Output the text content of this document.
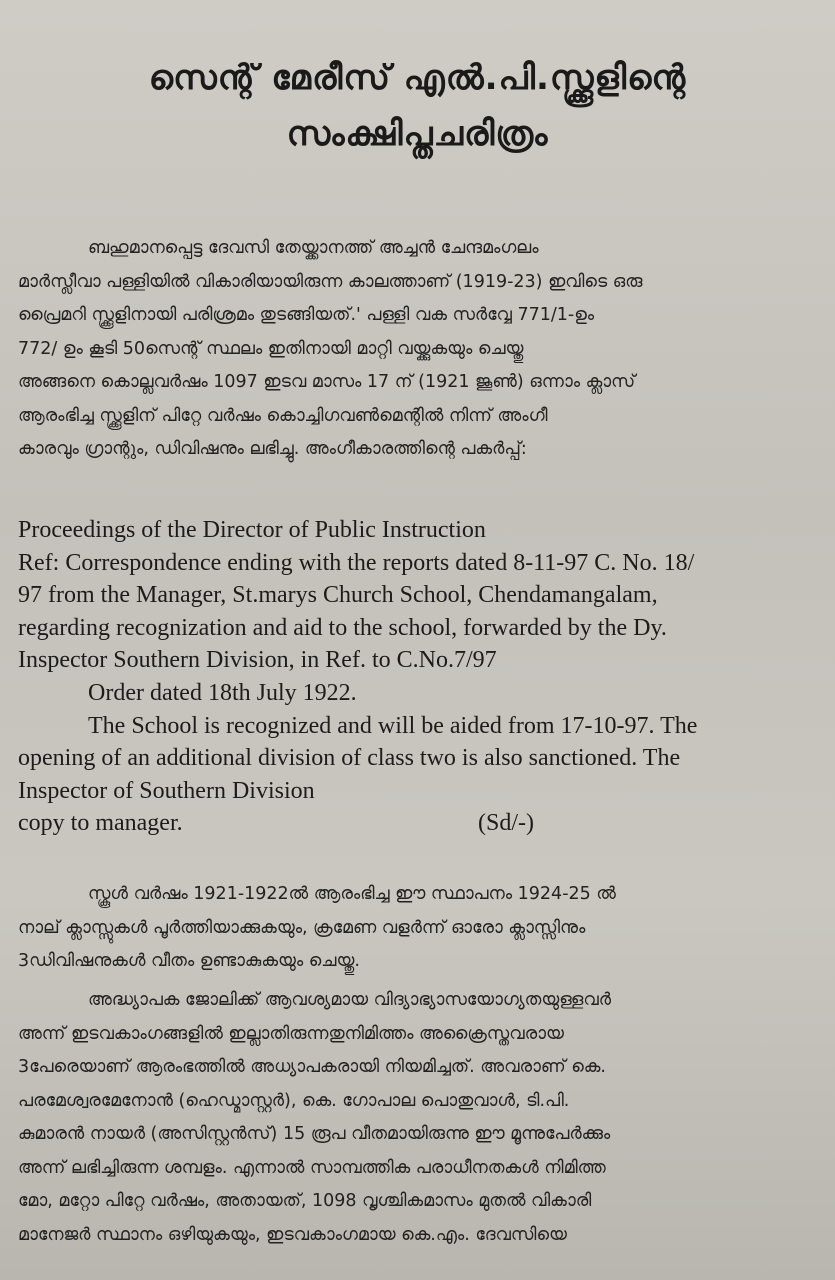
സെന്റ് മേരീസ് എൽ.പി.സ്ക്കൂളിന്റെ
സംക്ഷിപ്തചരിത്രം
ബഹുമാനപ്പെട്ട ദേവസി തേയ്ക്കാനത്ത് അച്ചൻ ചേന്ദമംഗലം
മാർസ്ലീവാ പള്ളിയിൽ വികാരിയായിരുന്ന കാലത്താണ് (1919-23) ഇവിടെ ഒരു
പ്രൈമറി സ്ക്കൂളിനായി പരിശ്രമം തുടങ്ങിയത്.' പള്ളി വക സർവ്വേ 771/1-ഉം
772/ ഉം കൂടി 50സെന്റ് സ്ഥലം ഇതിനായി മാറ്റി വയ്ക്കുകയും ചെയ്തു
അങ്ങനെ കൊല്ലവർഷം 1097 ഇടവ മാസം 17 ന് (1921 ജൂൺ) ഒന്നാം ക്ലാസ്
ആരംഭിച്ച സ്ക്കൂളിന് പിറ്റേ വർഷം കൊച്ചിഗവൺമെന്റിൽ നിന്ന് അംഗീ
കാരവും ഗ്രാന്റും, ഡിവിഷനും ലഭിച്ചു. അംഗീകാരത്തിന്റെ പകർപ്പ്:
Proceedings of the Director of Public Instruction
Ref: Correspondence ending with the reports dated 8-11-97 C. No. 18/
97 from the Manager, St.marys Church School, Chendamangalam,
regarding recognization and aid to the school, forwarded by the Dy.
Inspector Southern Division, in Ref. to C.No.7/97
Order dated 18th July 1922.
The School is recognized and will be aided from 17-10-97. The
opening of an additional division of class two is also sanctioned. The
Inspector of Southern Division
copy to manager.	(Sd/-)
സ്കൂൾ വർഷം 1921-1922ൽ ആരംഭിച്ച ഈ സ്ഥാപനം 1924-25 ൽ
നാല് ക്ലാസ്സുകൾ പൂർത്തിയാക്കുകയും, ക്രമേണ വളർന്ന് ഓരോ ക്ലാസ്സിനും
3ഡിവിഷനുകൾ വീതം ഉണ്ടാകുകയും ചെയ്തു.
അദ്ധ്യാപക ജോലിക്ക് ആവശ്യമായ വിദ്യാഭ്യാസയോഗ്യതയുള്ളവർ
അന്ന് ഇടവകാംഗങ്ങളിൽ ഇല്ലാതിരുന്നതുനിമിത്തം അക്രൈസ്തവരായ
3പേരെയാണ് ആരംഭത്തിൽ അധ്യാപകരായി നിയമിച്ചത്. അവരാണ് കെ.
പരമേശ്വരമേനോൻ (ഹെഡ്മാസ്റ്റർ), കെ. ഗോപാല പൊതുവാൾ, ടി.പി.
കുമാരൻ നായർ (അസിസ്റ്റൻസ്) 15 രൂപ വീതമായിരുന്നു ഈ മൂന്നുപേർക്കും
അന്ന് ലഭിച്ചിരുന്ന ശമ്പളം. എന്നാൽ സാമ്പത്തിക പരാധീനതകൾ നിമിത്ത
മോ, മറ്റോ പിറ്റേ വർഷം, അതായത്, 1098 വൃശ്ചികമാസം മുതൽ വികാരി
മാനേജർ സ്ഥാനം ഒഴിയുകയും, ഇടവകാംഗമായ കെ.എം. ദേവസിയെ
